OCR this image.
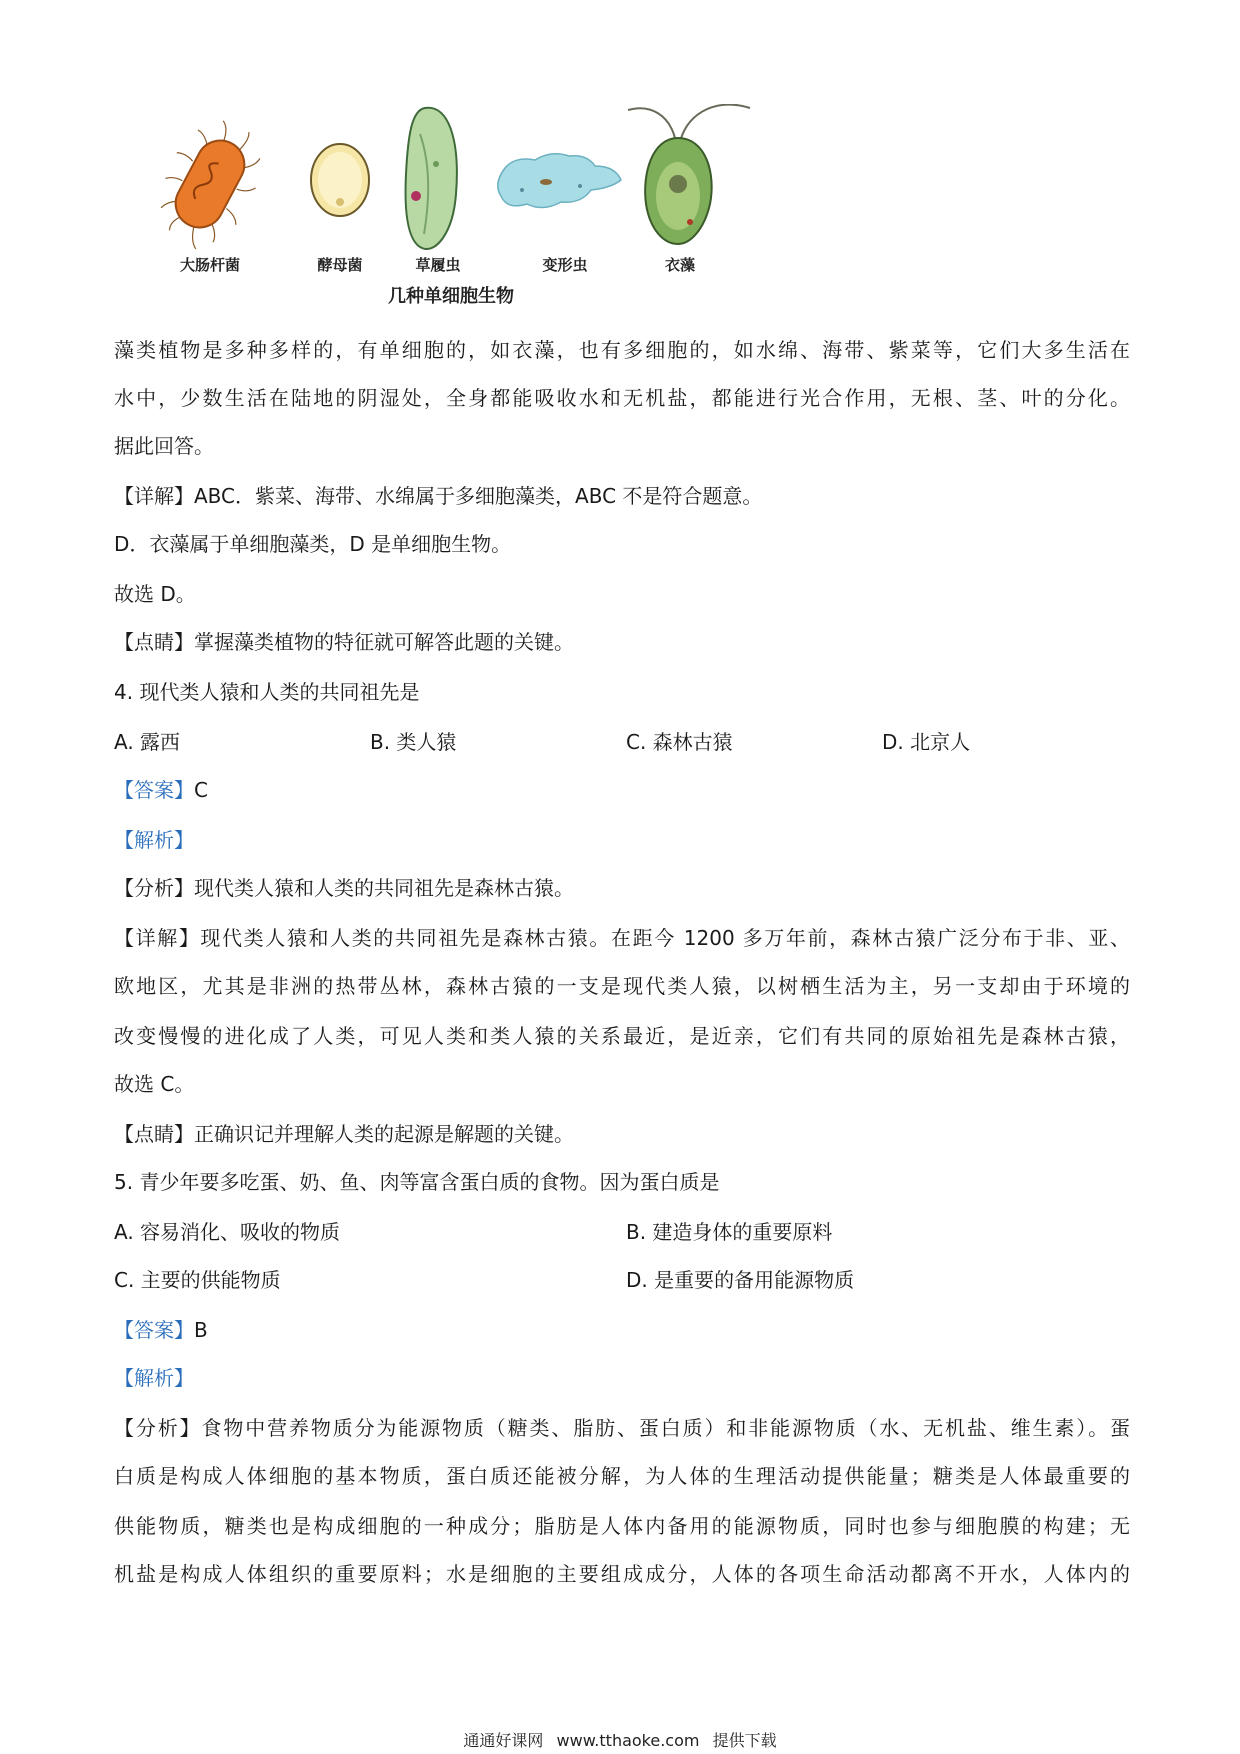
大肠杆菌	酵母菌	草履虫	变形虫	衣藻
几种单细胞生物
藻类植物是多种多样的，有单细胞的，如衣藻，也有多细胞的，如水绵、海带、紫菜等，它们大多生活在
水中，少数生活在陆地的阴湿处，全身都能吸收水和无机盐，都能进行光合作用，无根、茎、叶的分化。
据此回答。
【详解】ABC．紫菜、海带、水绵属于多细胞藻类，ABC 不是符合题意。
D．衣藻属于单细胞藻类，D 是单细胞生物。
故选 D。
【点睛】掌握藻类植物的特征就可解答此题的关键。
4. 现代类人猿和人类的共同祖先是
A. 露西	B. 类人猿	C. 森林古猿	D. 北京人
【答案】C
【解析】
【分析】现代类人猿和人类的共同祖先是森林古猿。
【详解】现代类人猿和人类的共同祖先是森林古猿。在距今 1200 多万年前，森林古猿广泛分布于非、亚、
欧地区，尤其是非洲的热带丛林，森林古猿的一支是现代类人猿，以树栖生活为主，另一支却由于环境的
改变慢慢的进化成了人类，可见人类和类人猿的关系最近，是近亲，它们有共同的原始祖先是森林古猿，
故选 C。
【点睛】正确识记并理解人类的起源是解题的关键。
5. 青少年要多吃蛋、奶、鱼、肉等富含蛋白质的食物。因为蛋白质是
A. 容易消化、吸收的物质	B. 建造身体的重要原料
C. 主要的供能物质	D. 是重要的备用能源物质
【答案】B
【解析】
【分析】食物中营养物质分为能源物质（糖类、脂肪、蛋白质）和非能源物质（水、无机盐、维生素）。蛋
白质是构成人体细胞的基本物质，蛋白质还能被分解，为人体的生理活动提供能量；糖类是人体最重要的
供能物质，糖类也是构成细胞的一种成分；脂肪是人体内备用的能源物质，同时也参与细胞膜的构建；无
机盐是构成人体组织的重要原料；水是细胞的主要组成成分，人体的各项生命活动都离不开水，人体内的
通通好课网 www.tthaoke.com 提供下载
